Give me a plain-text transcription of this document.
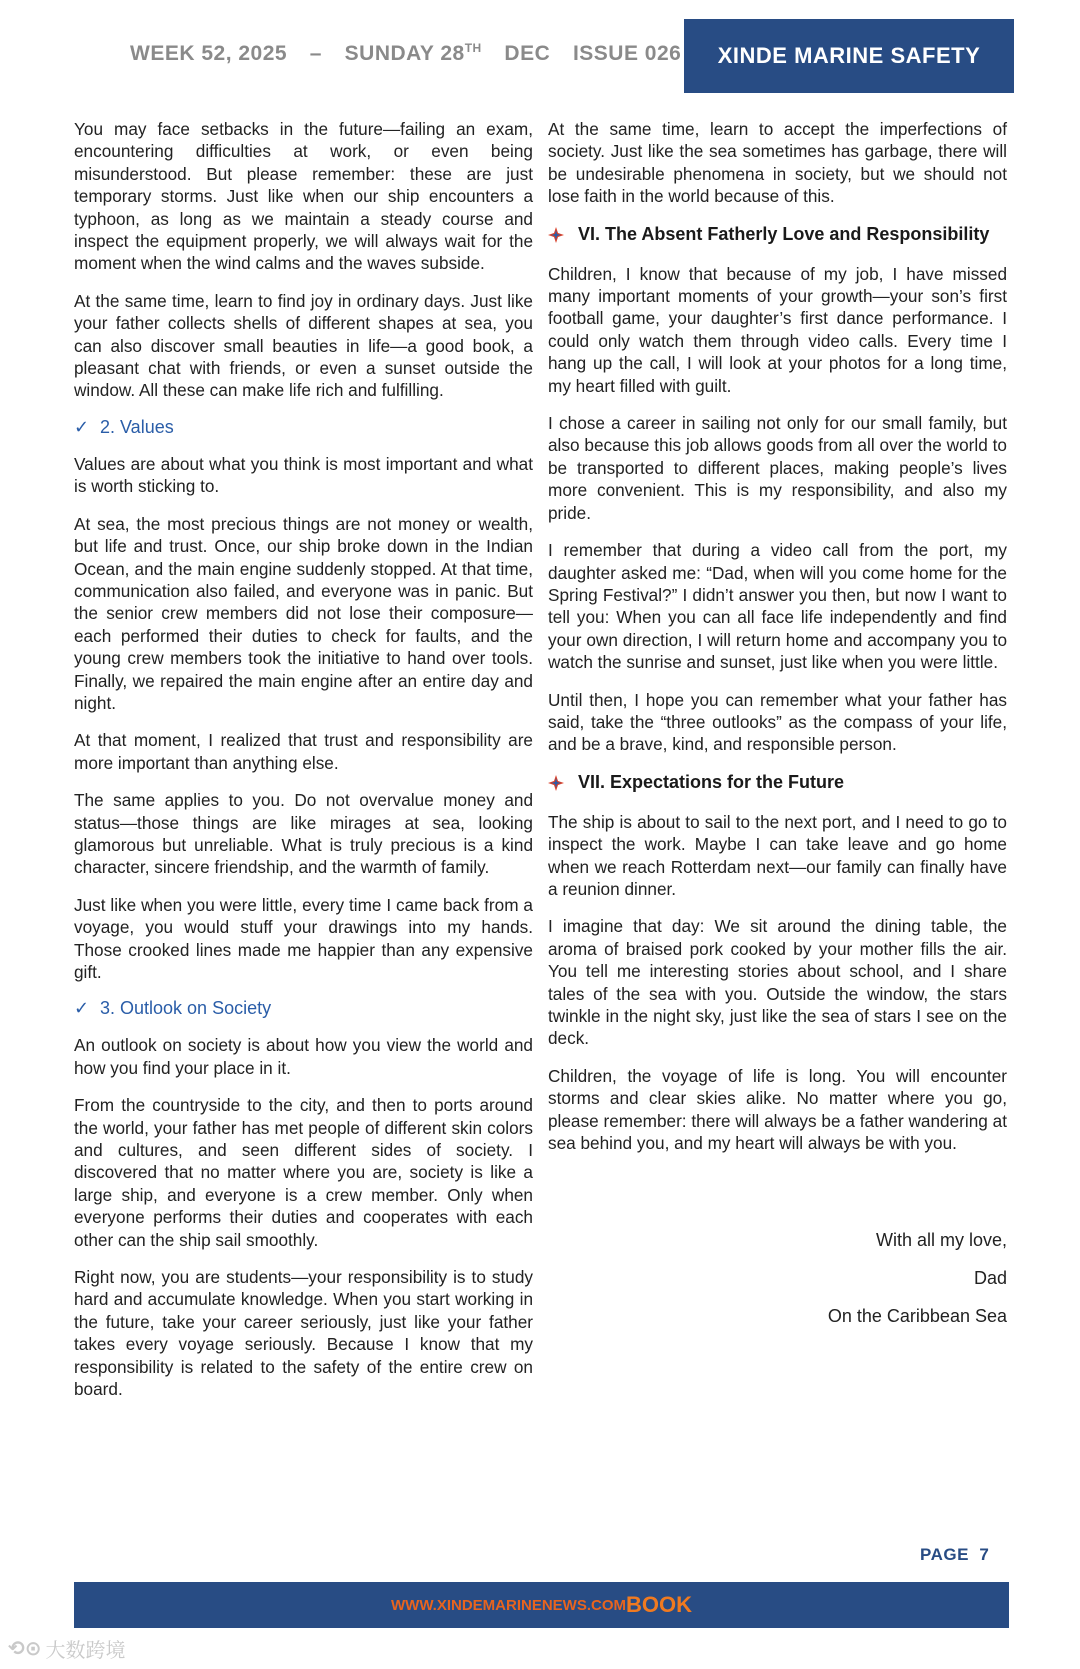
WEEK 52, 2025 – SUNDAY 28TH DEC ISSUE 026 XINDE MARINE SAFETY

You may face setbacks in the future—failing an exam, encountering difficulties at work, or even being misunderstood. But please remember: these are just temporary storms. Just like when our ship encounters a typhoon, as long as we maintain a steady course and inspect the equipment properly, we will always wait for the moment when the wind calms and the waves subside.

At the same time, learn to find joy in ordinary days. Just like your father collects shells of different shapes at sea, you can also discover small beauties in life—a good book, a pleasant chat with friends, or even a sunset outside the window. All these can make life rich and fulfilling.

✓ 2. Values

Values are about what you think is most important and what is worth sticking to.

At sea, the most precious things are not money or wealth, but life and trust. Once, our ship broke down in the Indian Ocean, and the main engine suddenly stopped. At that time, communication also failed, and everyone was in panic. But the senior crew members did not lose their composure—each performed their duties to check for faults, and the young crew members took the initiative to hand over tools. Finally, we repaired the main engine after an entire day and night.

At that moment, I realized that trust and responsibility are more important than anything else.

The same applies to you. Do not overvalue money and status—those things are like mirages at sea, looking glamorous but unreliable. What is truly precious is a kind character, sincere friendship, and the warmth of family.

Just like when you were little, every time I came back from a voyage, you would stuff your drawings into my hands. Those crooked lines made me happier than any expensive gift.

✓ 3. Outlook on Society

An outlook on society is about how you view the world and how you find your place in it.

From the countryside to the city, and then to ports around the world, your father has met people of different skin colors and cultures, and seen different sides of society. I discovered that no matter where you are, society is like a large ship, and everyone is a crew member. Only when everyone performs their duties and cooperates with each other can the ship sail smoothly.

Right now, you are students—your responsibility is to study hard and accumulate knowledge. When you start working in the future, take your career seriously, just like your father takes every voyage seriously. Because I know that my responsibility is related to the safety of the entire crew on board.

At the same time, learn to accept the imperfections of society. Just like the sea sometimes has garbage, there will be undesirable phenomena in society, but we should not lose faith in the world because of this.

VI. The Absent Fatherly Love and Responsibility

Children, I know that because of my job, I have missed many important moments of your growth—your son’s first football game, your daughter’s first dance performance. I could only watch them through video calls. Every time I hang up the call, I will look at your photos for a long time, my heart filled with guilt.

I chose a career in sailing not only for our small family, but also because this job allows goods from all over the world to be transported to different places, making people’s lives more convenient. This is my responsibility, and also my pride.

I remember that during a video call from the port, my daughter asked me: “Dad, when will you come home for the Spring Festival?” I didn’t answer you then, but now I want to tell you: When you can all face life independently and find your own direction, I will return home and accompany you to watch the sunrise and sunset, just like when you were little.

Until then, I hope you can remember what your father has said, take the “three outlooks” as the compass of your life, and be a brave, kind, and responsible person.

VII. Expectations for the Future

The ship is about to sail to the next port, and I need to go to inspect the work. Maybe I can take leave and go home when we reach Rotterdam next—our family can finally have a reunion dinner.

I imagine that day: We sit around the dining table, the aroma of braised pork cooked by your mother fills the air. You tell me interesting stories about school, and I share tales of the sea with you. Outside the window, the stars twinkle in the night sky, just like the sea of stars I see on the deck.

Children, the voyage of life is long. You will encounter storms and clear skies alike. No matter where you go, please remember: there will always be a father wandering at sea behind you, and my heart will always be with you.

With all my love,
Dad
On the Caribbean Sea
PAGE 7
WWW.XINDEMARINENEWS.COM BOOK
⟲⊙ 大数跨境
